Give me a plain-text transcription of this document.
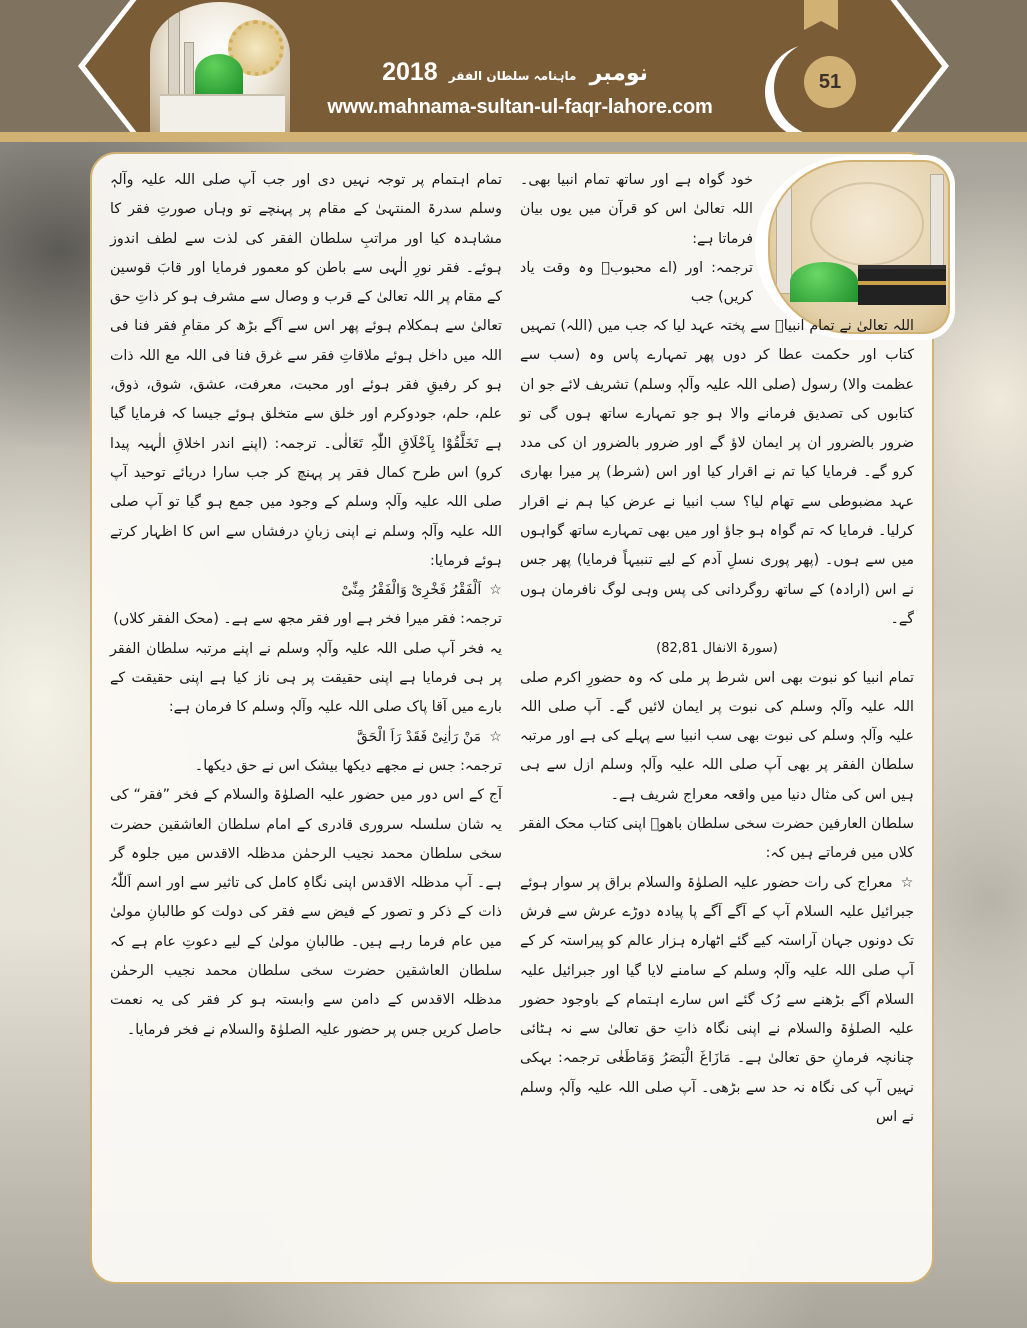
2018	نومبر ماہنامہ سلطان الفقر
www.mahnama-sultan-ul-faqr-lahore.com
51

خود گواہ ہے اور ساتھ تمام انبیا بھی۔ اللہ تعالیٰ اس کو قرآن میں یوں بیان فرماتا ہے:

ترجمہ: اور (اے محبوبؐ وہ وقت یاد کریں) جب

اللہ تعالیٰ نے تمام انبیاؑ سے پختہ عہد لیا کہ جب میں (اللہ) تمہیں کتاب اور حکمت عطا کر دوں پھر تمہارے پاس وہ (سب سے عظمت والا) رسول (صلی اللہ علیہ وآلہٖ وسلم) تشریف لائے جو ان کتابوں کی تصدیق فرمانے والا ہو جو تمہارے ساتھ ہوں گی تو ضرور بالضرور ان پر ایمان لاؤ گے اور ضرور بالضرور ان کی مدد کرو گے۔ فرمایا کیا تم نے اقرار کیا اور اس (شرط) پر میرا بھاری عہد مضبوطی سے تھام لیا؟ سب انبیا نے عرض کیا ہم نے اقرار کرلیا۔ فرمایا کہ تم گواہ ہو جاؤ اور میں بھی تمہارے ساتھ گواہوں میں سے ہوں۔ (پھر پوری نسلِ آدم کے لیے تنبیہاً فرمایا) پھر جس نے اس (ارادہ) کے ساتھ روگردانی کی پس وہی لوگ نافرمان ہوں گے۔

(سورۃ الانفال 82,81)

تمام انبیا کو نبوت بھی اس شرط پر ملی کہ وہ حضورِ اکرم صلی اللہ علیہ وآلہٖ وسلم کی نبوت پر ایمان لائیں گے۔ آپ صلی اللہ علیہ وآلہٖ وسلم کی نبوت بھی سب انبیا سے پہلے کی ہے اور مرتبہ سلطان الفقر پر بھی آپ صلی اللہ علیہ وآلہٖ وسلم ازل سے ہی ہیں اس کی مثال دنیا میں واقعہ معراج شریف ہے۔

سلطان العارفین حضرت سخی سلطان باھوؒ اپنی کتاب محک الفقر کلاں میں فرماتے ہیں کہ:

☆معراج کی رات حضور علیہ الصلوٰۃ والسلام براق پر سوار ہوئے جبرائیل علیہ السلام آپ کے آگے آگے پا پیادہ دوڑے عرش سے فرش تک دونوں جہان آراستہ کیے گئے اٹھارہ ہزار عالم کو پیراستہ کر کے آپ صلی اللہ علیہ وآلہٖ وسلم کے سامنے لایا گیا اور جبرائیل علیہ السلام آگے بڑھنے سے رُک گئے اس سارے اہتمام کے باوجود حضور علیہ الصلوٰۃ والسلام نے اپنی نگاہ ذاتِ حق تعالیٰ سے نہ ہٹائی چنانچہ فرمانِ حق تعالیٰ ہے۔ مَازَاغَ الْبَصَرُ وَمَاطَغٰی ترجمہ: بہکی نہیں آپ کی نگاہ نہ حد سے بڑھی۔ آپ صلی اللہ علیہ وآلہٖ وسلم نے اس

تمام اہتمام پر توجہ نہیں دی اور جب آپ صلی اللہ علیہ وآلہٖ وسلم سدرۃ المنتہیٰ کے مقام پر پہنچے تو وہاں صورتِ فقر کا مشاہدہ کیا اور مراتبِ سلطان الفقر کی لذت سے لطف اندوز ہوئے۔ فقر نورِ الٰہی سے باطن کو معمور فرمایا اور قابَ قوسین کے مقام پر اللہ تعالیٰ کے قرب و وصال سے مشرف ہو کر ذاتِ حق تعالیٰ سے ہمکلام ہوئے پھر اس سے آگے بڑھ کر مقامِ فقر فنا فی اللہ میں داخل ہوئے ملاقاتِ فقر سے غرق فنا فی اللہ مع اللہ ذات ہو کر رفیقِ فقر ہوئے اور محبت، معرفت، عشق، شوق، ذوق، علم، حلم، جودوکرم اور خلق سے متخلق ہوئے جیسا کہ فرمایا گیا ہے تَخَلَّقُوْا بِاَخْلَاقِ اللّٰہِ تَعَالٰی۔ ترجمہ: (اپنے اندر اخلاقِ الٰہیہ پیدا کرو) اس طرح کمال فقر پر پہنچ کر جب سارا دریائے توحید آپ صلی اللہ علیہ وآلہٖ وسلم کے وجود میں جمع ہو گیا تو آپ صلی اللہ علیہ وآلہٖ وسلم نے اپنی زبانِ درفشاں سے اس کا اظہار کرتے ہوئے فرمایا:

☆اَلْفَقْرُ فَخْرِیْ وَالْفَقْرُ مِنِّیْ

ترجمہ: فقر میرا فخر ہے اور فقر مجھ سے ہے۔ (محک الفقر کلاں)

یہ فخر آپ صلی اللہ علیہ وآلہٖ وسلم نے اپنے مرتبہ سلطان الفقر پر ہی فرمایا ہے اپنی حقیقت پر ہی ناز کیا ہے اپنی حقیقت کے بارے میں آقا پاک صلی اللہ علیہ وآلہٖ وسلم کا فرمان ہے:

☆مَنْ رَاٰنِیْ فَقَدْ رَاَ الْحَقَّ

ترجمہ: جس نے مجھے دیکھا بیشک اس نے حق دیکھا۔

آج کے اس دور میں حضور علیہ الصلوٰۃ والسلام کے فخر ”فقر“ کی یہ شان سلسلہ سروری قادری کے امام سلطان العاشقین حضرت سخی سلطان محمد نجیب الرحمٰن مدظلہ الاقدس میں جلوہ گر ہے۔ آپ مدظلہ الاقدس اپنی نگاہِ کامل کی تاثیر سے اور اسم اَللّٰہُ ذات کے ذکر و تصور کے فیض سے فقر کی دولت کو طالبانِ مولیٰ میں عام فرما رہے ہیں۔ طالبانِ مولیٰ کے لیے دعوتِ عام ہے کہ سلطان العاشقین حضرت سخی سلطان محمد نجیب الرحمٰن مدظلہ الاقدس کے دامن سے وابستہ ہو کر فقر کی یہ نعمت حاصل کریں جس پر حضور علیہ الصلوٰۃ والسلام نے فخر فرمایا۔
